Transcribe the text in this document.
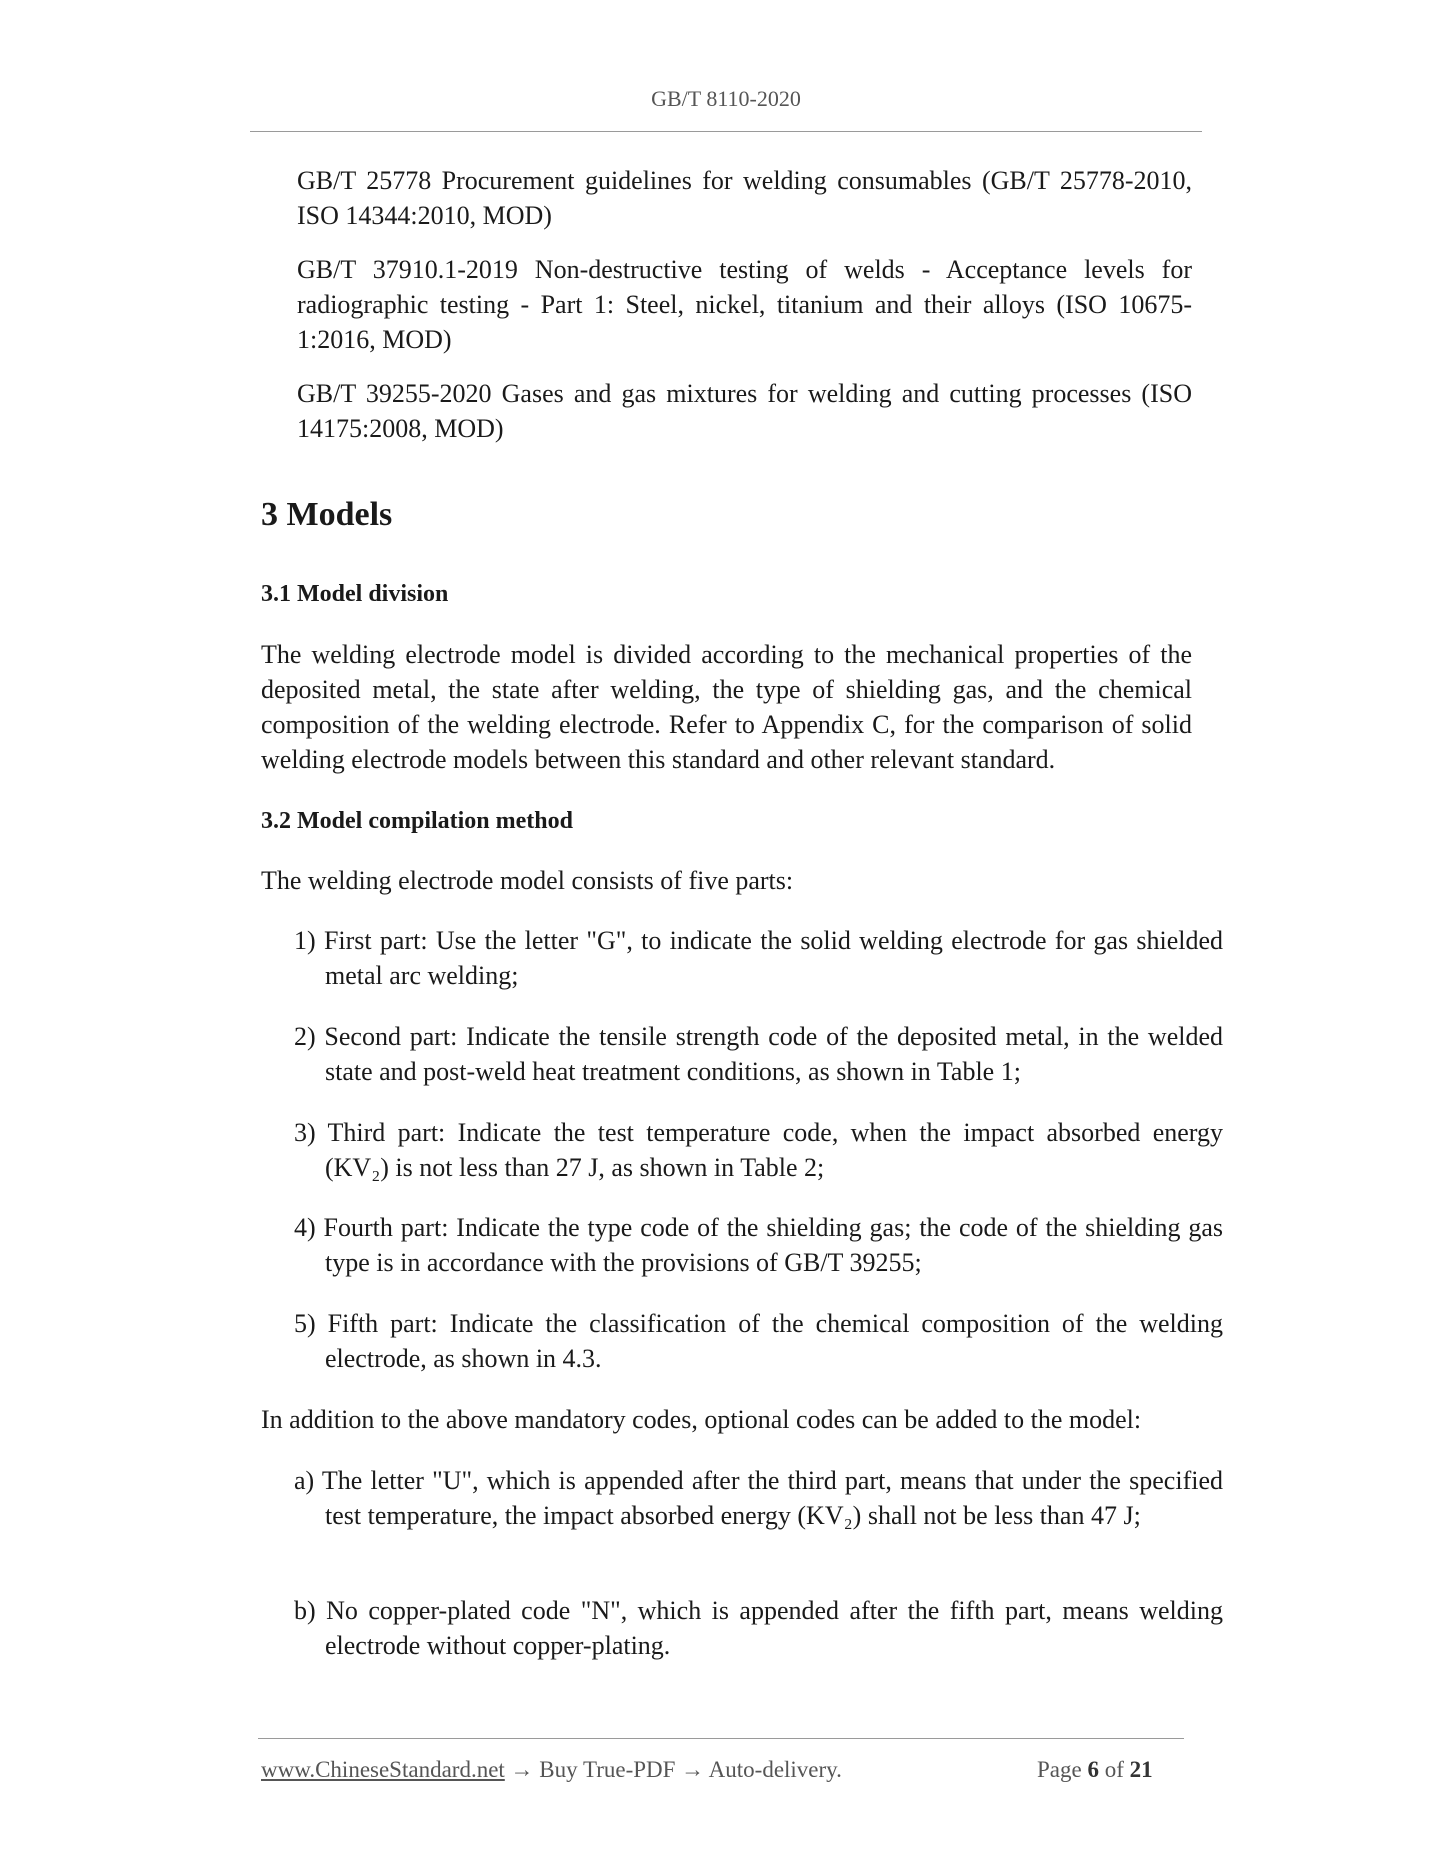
GB/T 8110-2020
GB/T 25778 Procurement guidelines for welding consumables (GB/T 25778-2010, ISO 14344:2010, MOD)
GB/T 37910.1-2019 Non-destructive testing of welds - Acceptance levels for radiographic testing - Part 1: Steel, nickel, titanium and their alloys (ISO 10675-1:2016, MOD)
GB/T 39255-2020 Gases and gas mixtures for welding and cutting processes (ISO 14175:2008, MOD)
3 Models
3.1 Model division
The welding electrode model is divided according to the mechanical properties of the deposited metal, the state after welding, the type of shielding gas, and the chemical composition of the welding electrode. Refer to Appendix C, for the comparison of solid welding electrode models between this standard and other relevant standard.
3.2 Model compilation method
The welding electrode model consists of five parts:
1) First part: Use the letter "G", to indicate the solid welding electrode for gas shielded metal arc welding;
2) Second part: Indicate the tensile strength code of the deposited metal, in the welded state and post-weld heat treatment conditions, as shown in Table 1;
3) Third part: Indicate the test temperature code, when the impact absorbed energy (KV₂) is not less than 27 J, as shown in Table 2;
4) Fourth part: Indicate the type code of the shielding gas; the code of the shielding gas type is in accordance with the provisions of GB/T 39255;
5) Fifth part: Indicate the classification of the chemical composition of the welding electrode, as shown in 4.3.
In addition to the above mandatory codes, optional codes can be added to the model:
a) The letter "U", which is appended after the third part, means that under the specified test temperature, the impact absorbed energy (KV₂) shall not be less than 47 J;
b) No copper-plated code "N", which is appended after the fifth part, means welding electrode without copper-plating.
www.ChineseStandard.net → Buy True-PDF → Auto-delivery.	Page 6 of 21
